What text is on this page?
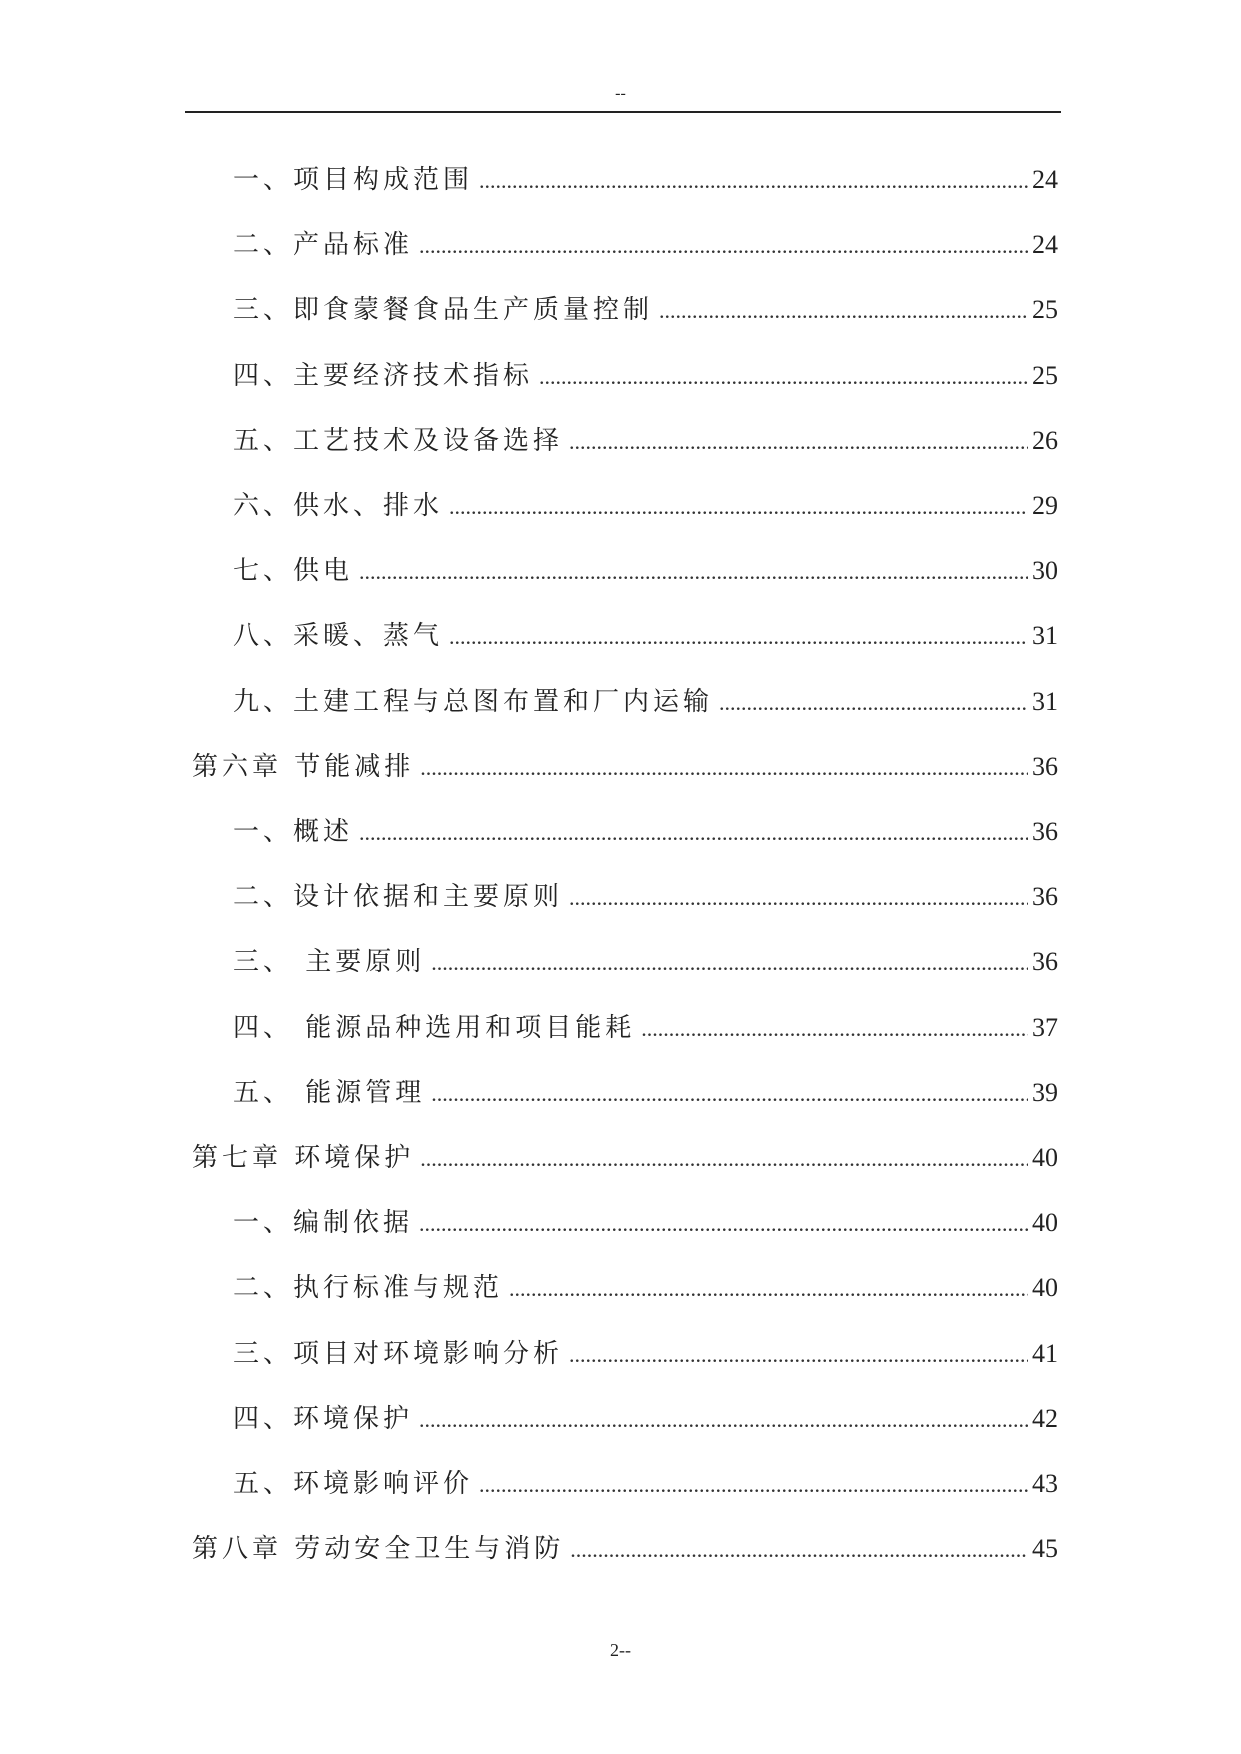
--
一、项目构成范围 .....	24
二、产品标准 .....	24
三、即食蒙餐食品生产质量控制 .....	25
四、主要经济技术指标 .....	25
五、工艺技术及设备选择 .....	26
六、供水、排水 .....	29
七、供电 .....	30
八、采暖、蒸气 .....	31
九、土建工程与总图布置和厂内运输 .....	31
第六章 节能减排 .....	36
一、概述 .....	36
二、设计依据和主要原则 .....	36
三、 主要原则 .....	36
四、 能源品种选用和项目能耗 .....	37
五、 能源管理 .....	39
第七章 环境保护 .....	40
一、编制依据 .....	40
二、执行标准与规范 .....	40
三、项目对环境影响分析 .....	41
四、环境保护 .....	42
五、环境影响评价 .....	43
第八章 劳动安全卫生与消防 .....	45
2--
